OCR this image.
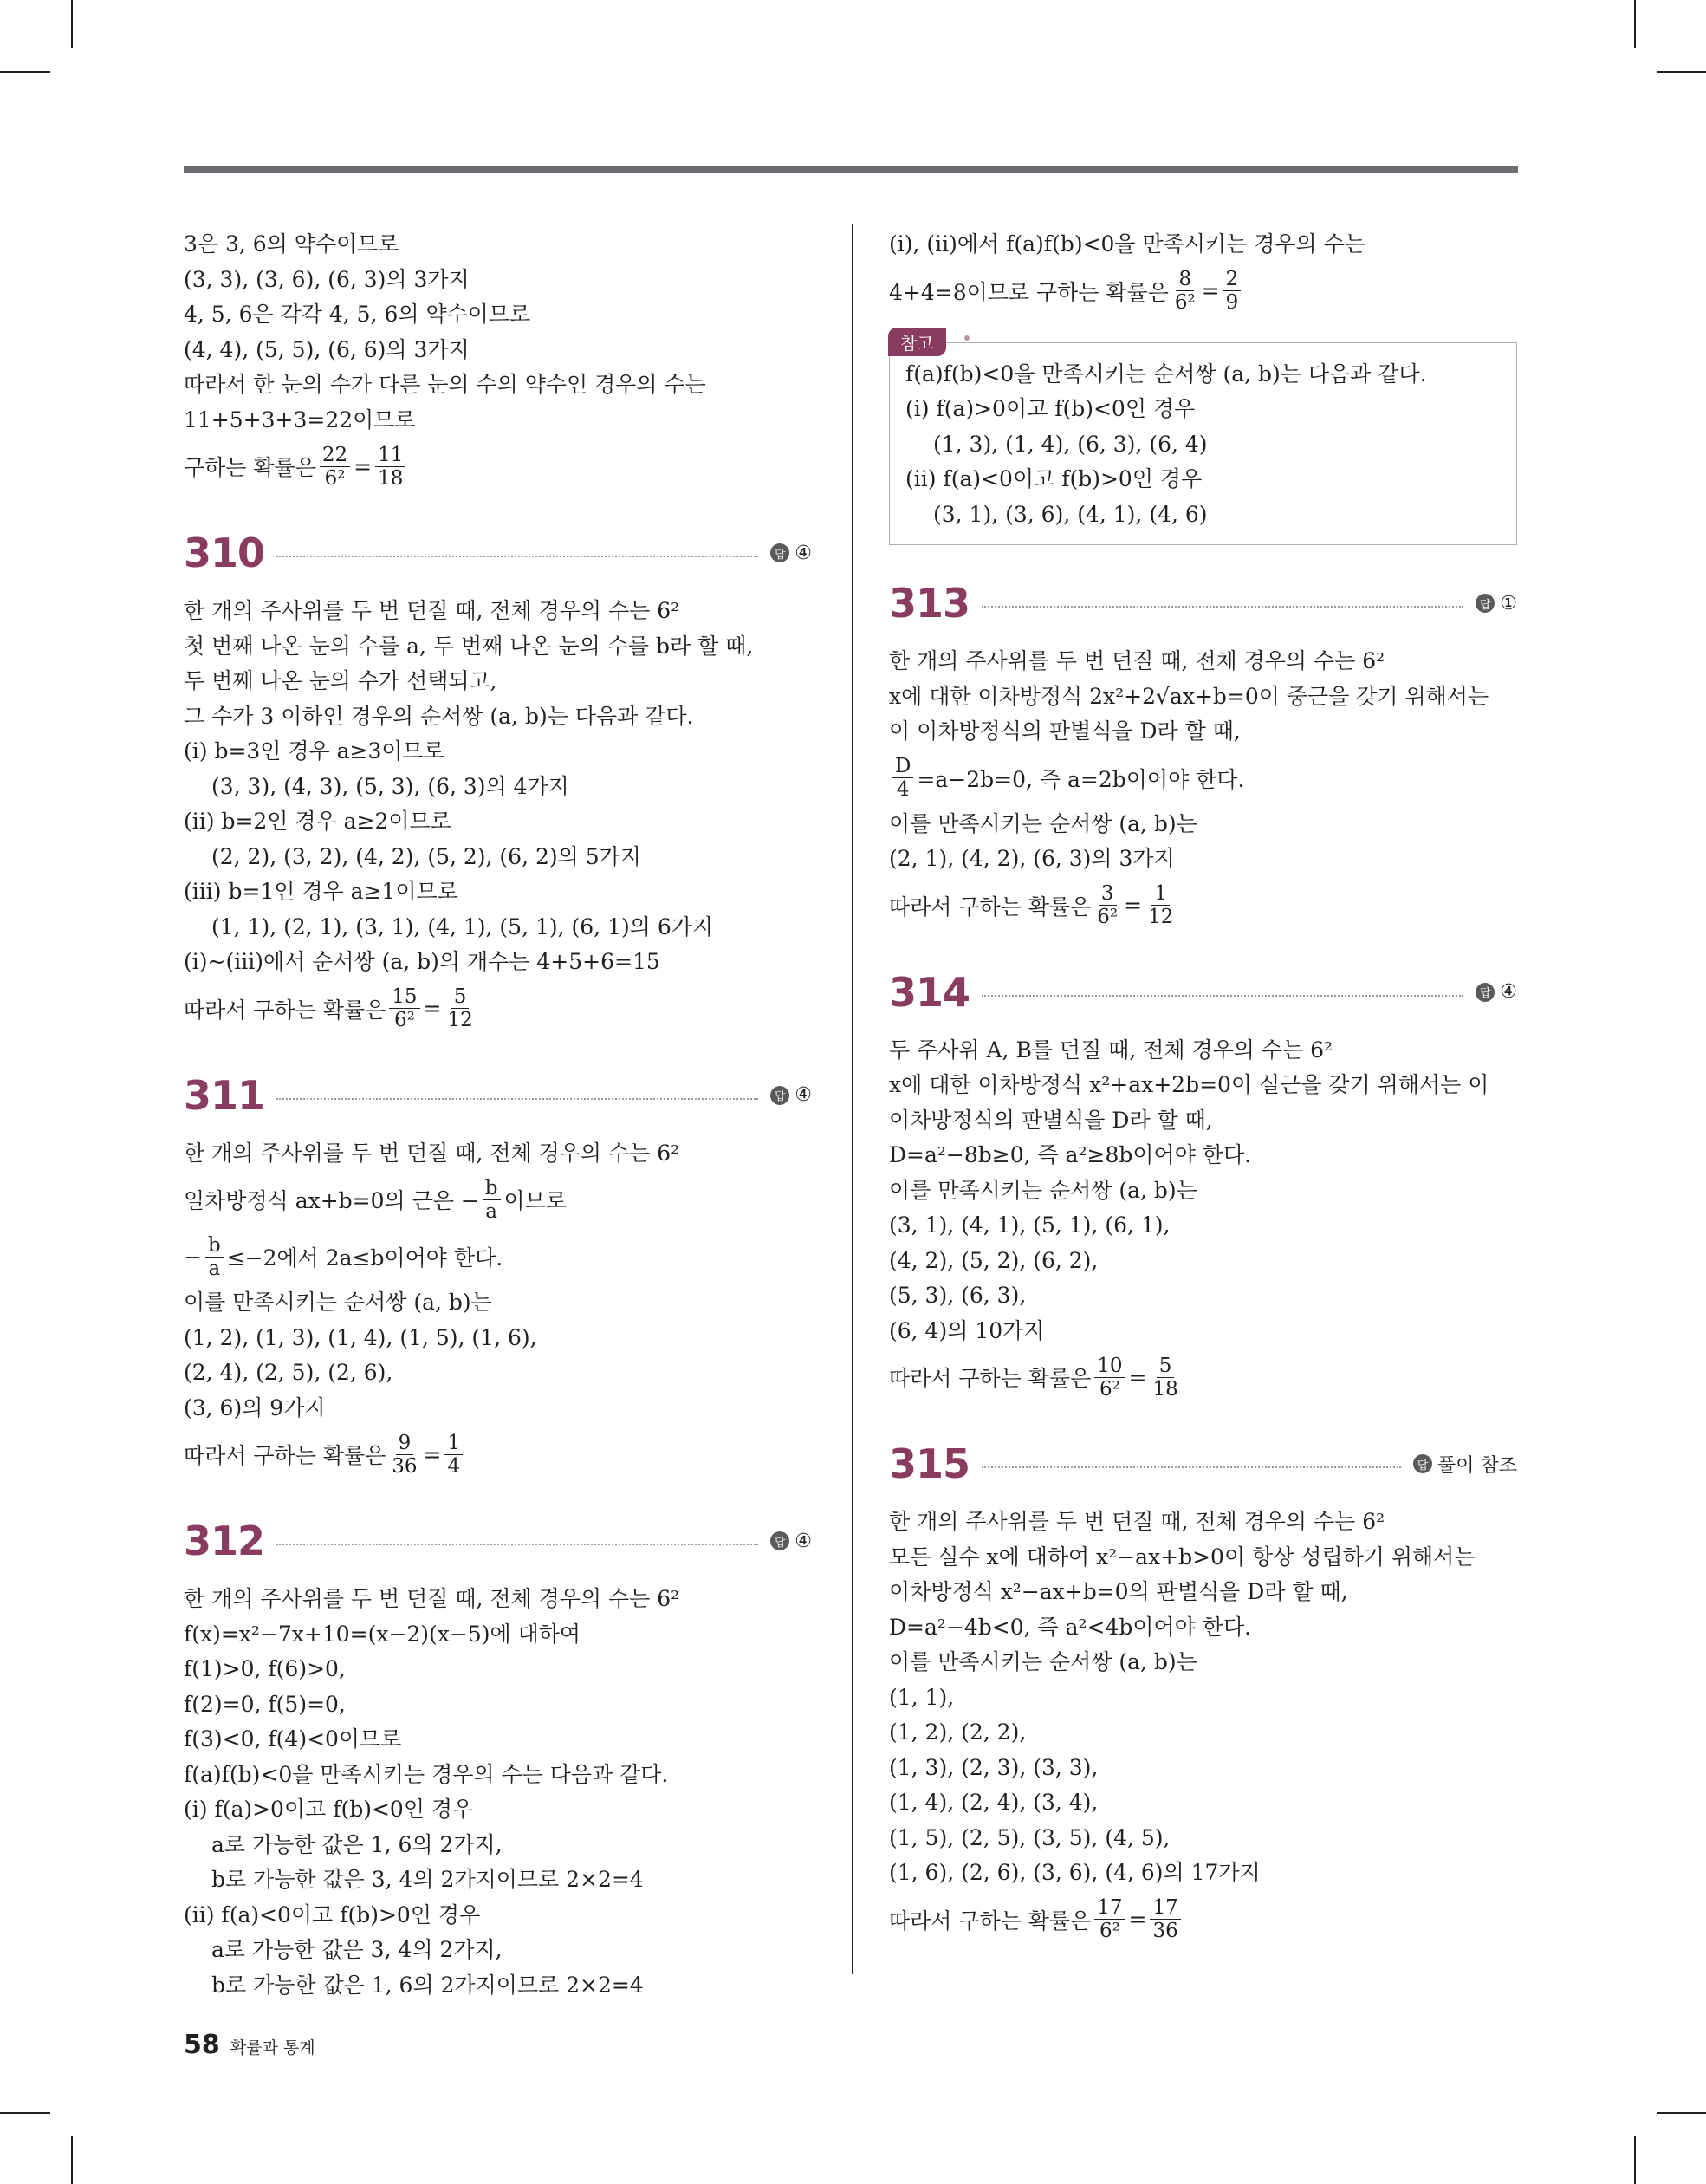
3은 3, 6의 약수이므로
(3, 3), (3, 6), (6, 3)의 3가지
4, 5, 6은 각각 4, 5, 6의 약수이므로
(4, 4), (5, 5), (6, 6)의 3가지
따라서 한 눈의 수가 다른 눈의 수의 약수인 경우의 수는
11+5+3+3=22이므로
구하는 확률은 $\frac{22}{\text{6²}} = \frac{11}{18}$
310	답 ④
한 개의 주사위를 두 번 던질 때, 전체 경우의 수는 6²
첫 번째 나온 눈의 수를 a, 두 번째 나온 눈의 수를 b라 할 때,
두 번째 나온 눈의 수가 선택되고,
그 수가 3 이하인 경우의 순서쌍 (a, b)는 다음과 같다.
(ⅰ) b=3인 경우 a≥3이므로
(3, 3), (4, 3), (5, 3), (6, 3)의 4가지
(ⅱ) b=2인 경우 a≥2이므로
(2, 2), (3, 2), (4, 2), (5, 2), (6, 2)의 5가지
(ⅲ) b=1인 경우 a≥1이므로
(1, 1), (2, 1), (3, 1), (4, 1), (5, 1), (6, 1)의 6가지
(ⅰ)~(ⅲ)에서 순서쌍 (a, b)의 개수는 4+5+6=15
따라서 구하는 확률은 $\frac{15}{\text{6²}} = \frac{5}{12}$
311	답 ④
한 개의 주사위를 두 번 던질 때, 전체 경우의 수는 6²
일차방정식 ax+b=0의 근은 − $\frac{b}{a}$ 이므로
− $\frac{b}{a} \le-2$에서 2a≤b이어야 한다.
이를 만족시키는 순서쌍 (a, b)는
(1, 2), (1, 3), (1, 4), (1, 5), (1, 6),
(2, 4), (2, 5), (2, 6),
(3, 6)의 9가지
따라서 구하는 확률은 $\frac{9}{36} = \frac{1}{4}$
312	답 ④
한 개의 주사위를 두 번 던질 때, 전체 경우의 수는 6²
f(x)=x²−7x+10=(x−2)(x−5)에 대하여
f(1)>0, f(6)>0,
f(2)=0, f(5)=0,
f(3)<0, f(4)<0이므로
f(a)f(b)<0을 만족시키는 경우의 수는 다음과 같다.
(ⅰ) f(a)>0이고 f(b)<0인 경우
a로 가능한 값은 1, 6의 2가지,
b로 가능한 값은 3, 4의 2가지이므로 2×2=4
(ⅱ) f(a)<0이고 f(b)>0인 경우
a로 가능한 값은 3, 4의 2가지,
b로 가능한 값은 1, 6의 2가지이므로 2×2=4
(ⅰ), (ⅱ)에서 f(a)f(b)<0을 만족시키는 경우의 수는
4+4=8이므로 구하는 확률은 $\frac{8}{\text{6²}} = \frac{2}{9}$
참고
f(a)f(b)<0을 만족시키는 순서쌍 (a, b)는 다음과 같다.
(ⅰ) f(a)>0이고 f(b)<0인 경우
(1, 3), (1, 4), (6, 3), (6, 4)
(ⅱ) f(a)<0이고 f(b)>0인 경우
(3, 1), (3, 6), (4, 1), (4, 6)
313	답 ①
한 개의 주사위를 두 번 던질 때, 전체 경우의 수는 6²
x에 대한 이차방정식 2x²+2√ax+b=0이 중근을 갖기 위해서는
이 이차방정식의 판별식을 D라 할 때,
$\frac{D}{4} =a-2b=0$, 즉 a=2b이어야 한다.
이를 만족시키는 순서쌍 (a, b)는
(2, 1), (4, 2), (6, 3)의 3가지
따라서 구하는 확률은 $\frac{3}{\text{6²}} = \frac{1}{12}$
314	답 ④
두 주사위 A, B를 던질 때, 전체 경우의 수는 6²
x에 대한 이차방정식 x²+ax+2b=0이 실근을 갖기 위해서는 이
이차방정식의 판별식을 D라 할 때,
D=a²−8b≥0, 즉 a²≥8b이어야 한다.
이를 만족시키는 순서쌍 (a, b)는
(3, 1), (4, 1), (5, 1), (6, 1),
(4, 2), (5, 2), (6, 2),
(5, 3), (6, 3),
(6, 4)의 10가지
따라서 구하는 확률은 $\frac{10}{\text{6²}} = \frac{5}{18}$
315	답 풀이 참조
한 개의 주사위를 두 번 던질 때, 전체 경우의 수는 6²
모든 실수 x에 대하여 x²−ax+b>0이 항상 성립하기 위해서는
이차방정식 x²−ax+b=0의 판별식을 D라 할 때,
D=a²−4b<0, 즉 a²<4b이어야 한다.
이를 만족시키는 순서쌍 (a, b)는
(1, 1),
(1, 2), (2, 2),
(1, 3), (2, 3), (3, 3),
(1, 4), (2, 4), (3, 4),
(1, 5), (2, 5), (3, 5), (4, 5),
(1, 6), (2, 6), (3, 6), (4, 6)의 17가지
따라서 구하는 확률은 $\frac{17}{\text{6²}} = \frac{17}{36}$
58 확률과 통계
